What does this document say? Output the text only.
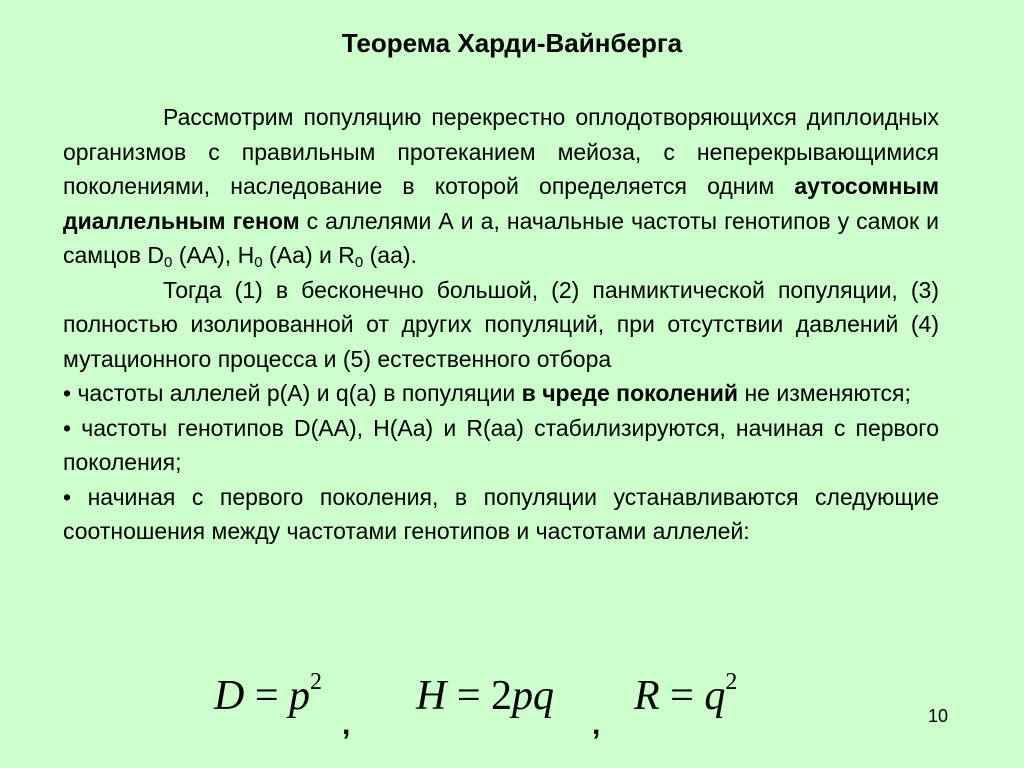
Теорема Харди-Вайнберга

Рассмотрим популяцию перекрестно оплодотворяющихся диплоидных организмов с правильным протеканием мейоза, с неперекрывающимися поколениями, наследование в которой определяется одним аутосомным диаллельным геном с аллелями А и а, начальные частоты генотипов у самок и самцов $D_0$ (АА), $H_0$ (Аа) и $R_0$ (аа).

Тогда (1) в бесконечно большой, (2) панмиктической популяции, (3) полностью изолированной от других популяций, при отсутствии давлений (4) мутационного процесса и (5) естественного отбора

• частоты аллелей p(A) и q(a) в популяции в чреде поколений не изменяются;

• частоты генотипов D(AA), H(Aa) и R(aa) стабилизируются, начиная с первого поколения;

• начиная с первого поколения, в популяции устанавливаются следующие соотношения между частотами генотипов и частотами аллелей:

$D = p^2$
,
H = 2pq
,
$R = q^2$
10
